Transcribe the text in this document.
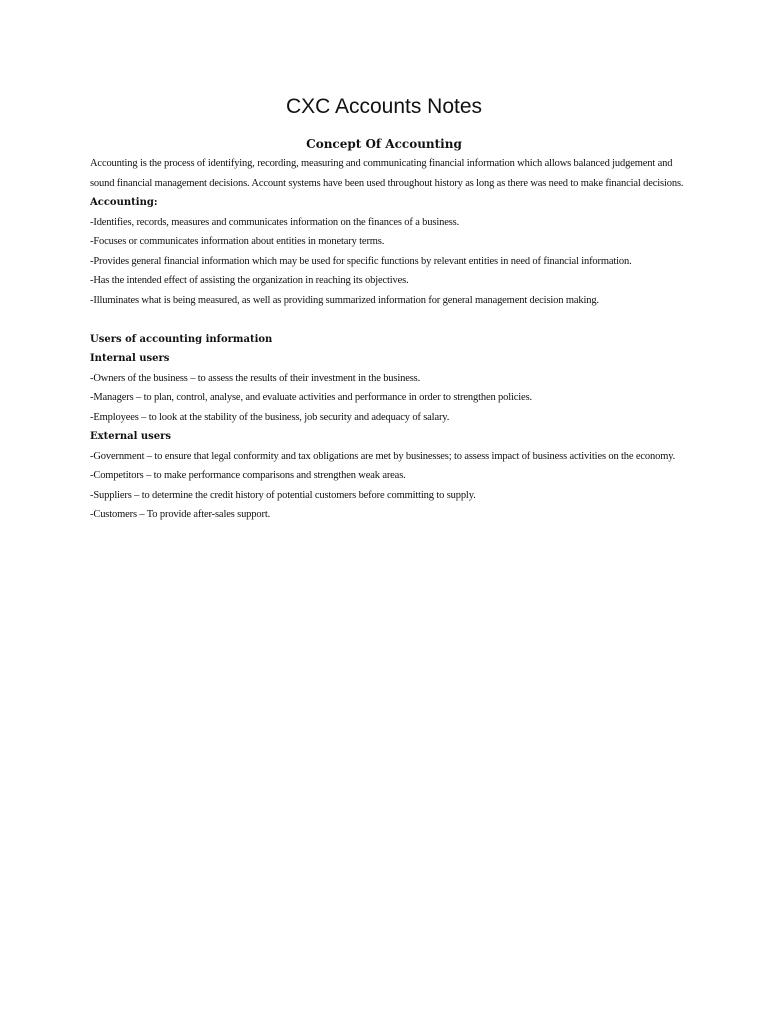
CXC Accounts Notes
Concept Of Accounting

Accounting is the process of identifying, recording, measuring and communicating financial information which allows balanced judgement and sound financial management decisions. Account systems have been used throughout history as long as there was need to make financial decisions.

Accounting:

-Identifies, records, measures and communicates information on the finances of a business.

-Focuses or communicates information about entities in monetary terms.

-Provides general financial information which may be used for specific functions by relevant entities in need of financial information.

-Has the intended effect of assisting the organization in reaching its objectives.

-Illuminates what is being measured, as well as providing summarized information for general management decision making.

Users of accounting information

Internal users

-Owners of the business – to assess the results of their investment in the business.

-Managers – to plan, control, analyse, and evaluate activities and performance in order to strengthen policies.

-Employees – to look at the stability of the business, job security and adequacy of salary.

External users

-Government – to ensure that legal conformity and tax obligations are met by businesses; to assess impact of business activities on the economy.

-Competitors – to make performance comparisons and strengthen weak areas.

-Suppliers – to determine the credit history of potential customers before committing to supply.

-Customers – To provide after-sales support.
